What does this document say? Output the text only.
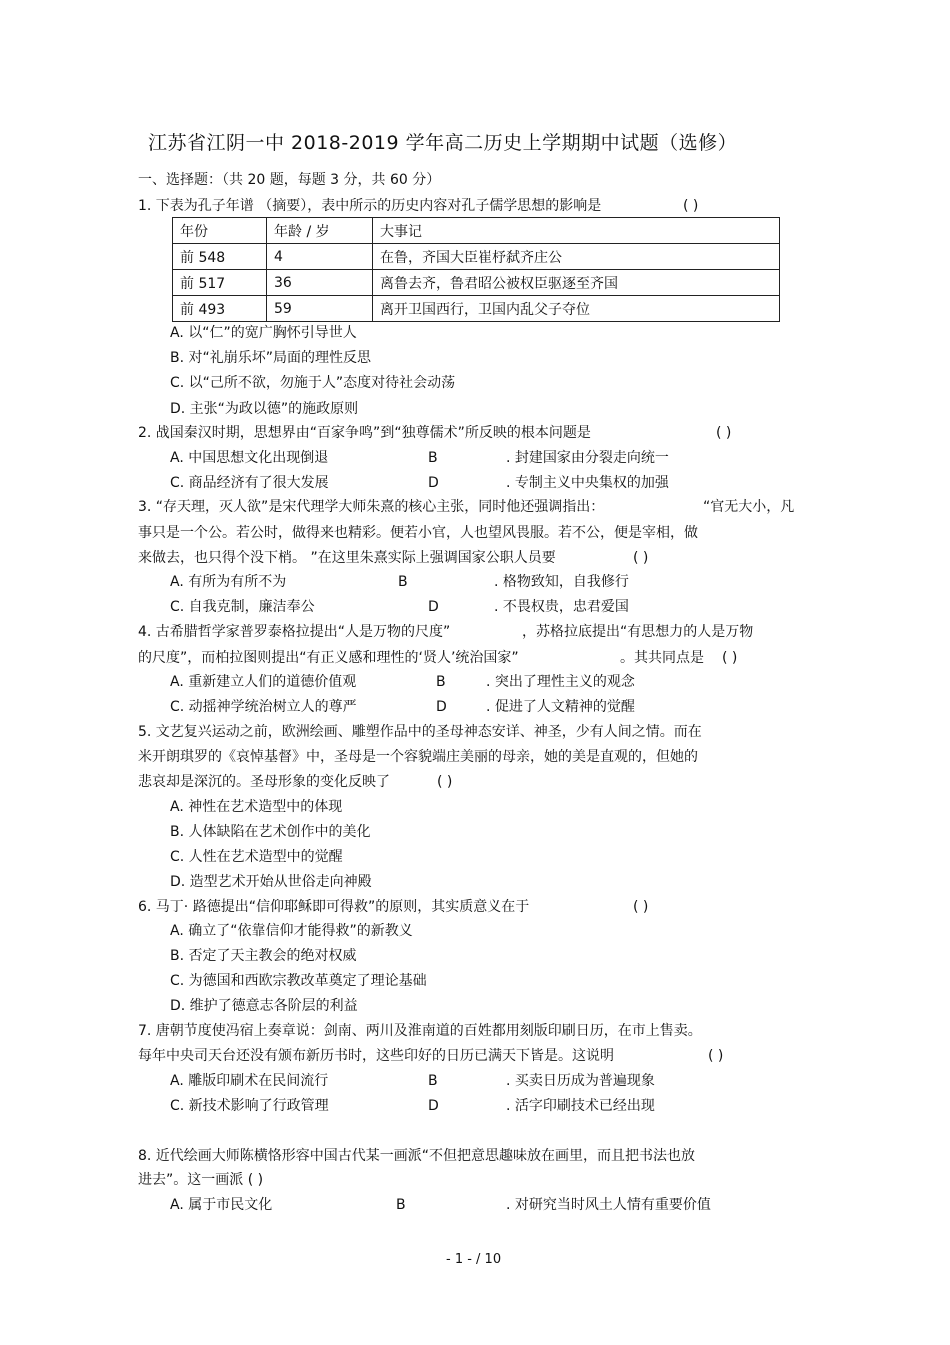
江苏省江阴一中 2018-2019 学年高二历史上学期期中试题（选修）
一、选择题：（共 20 题，每题 3 分，共 60 分）
1. 下表为孔子年谱 （摘要），表中所示的历史内容对孔子儒学思想的影响是	( )
年份	年龄 / 岁	大事记
前 548	4	在鲁，齐国大臣崔杼弑齐庄公
前 517	36	离鲁去齐，鲁君昭公被权臣驱逐至齐国
前 493	59	离开卫国西行，卫国内乱父子夺位
A. 以“仁”的宽广胸怀引导世人
B. 对“礼崩乐坏”局面的理性反思
C. 以“己所不欲，勿施于人”态度对待社会动荡
D. 主张“为政以德”的施政原则
2. 战国秦汉时期，思想界由“百家争鸣”到“独尊儒术”所反映的根本问题是	( )
A. 中国思想文化出现倒退	B	. 封建国家由分裂走向统一
C. 商品经济有了很大发展	D	. 专制主义中央集权的加强
3. “存天理，灭人欲”是宋代理学大师朱熹的核心主张，同时他还强调指出：	“官无大小，凡
事只是一个公。若公时，做得来也精彩。便若小官，人也望风畏服。若不公，便是宰相，做
来做去，也只得个没下梢。 ”在这里朱熹实际上强调国家公职人员要	( )
A. 有所为有所不为	B	. 格物致知，自我修行
C. 自我克制，廉洁奉公	D	. 不畏权贵，忠君爱国
4. 古希腊哲学家普罗泰格拉提出“人是万物的尺度”	，苏格拉底提出“有思想力的人是万物
的尺度”，而柏拉图则提出“有正义感和理性的‘贤人’统治国家”	。其共同点是 ( )
A. 重新建立人们的道德价值观	B	. 突出了理性主义的观念
C. 动摇神学统治树立人的尊严	D	. 促进了人文精神的觉醒
5. 文艺复兴运动之前，欧洲绘画、雕塑作品中的圣母神态安详、神圣，少有人间之情。而在
米开朗琪罗的《哀悼基督》中，圣母是一个容貌端庄美丽的母亲，她的美是直观的，但她的
悲哀却是深沉的。圣母形象的变化反映了	( )
A. 神性在艺术造型中的体现
B. 人体缺陷在艺术创作中的美化
C. 人性在艺术造型中的觉醒
D. 造型艺术开始从世俗走向神殿
6. 马丁· 路德提出“信仰耶稣即可得救”的原则，其实质意义在于	( )
A. 确立了“依靠信仰才能得救”的新教义
B. 否定了天主教会的绝对权威
C. 为德国和西欧宗教改革奠定了理论基础
D. 维护了德意志各阶层的利益
7. 唐朝节度使冯宿上奏章说：剑南、两川及淮南道的百姓都用刻版印刷日历，在市上售卖。
每年中央司天台还没有颁布新历书时，这些印好的日历已满天下皆是。这说明	( )
A. 雕版印刷术在民间流行	B	. 买卖日历成为普遍现象
C. 新技术影响了行政管理	D	. 活字印刷技术已经出现
8. 近代绘画大师陈横恪形容中国古代某一画派“不但把意思趣味放在画里，而且把书法也放
进去”。这一画派 ( )
A. 属于市民文化	B	. 对研究当时风土人情有重要价值
- 1 - / 10
